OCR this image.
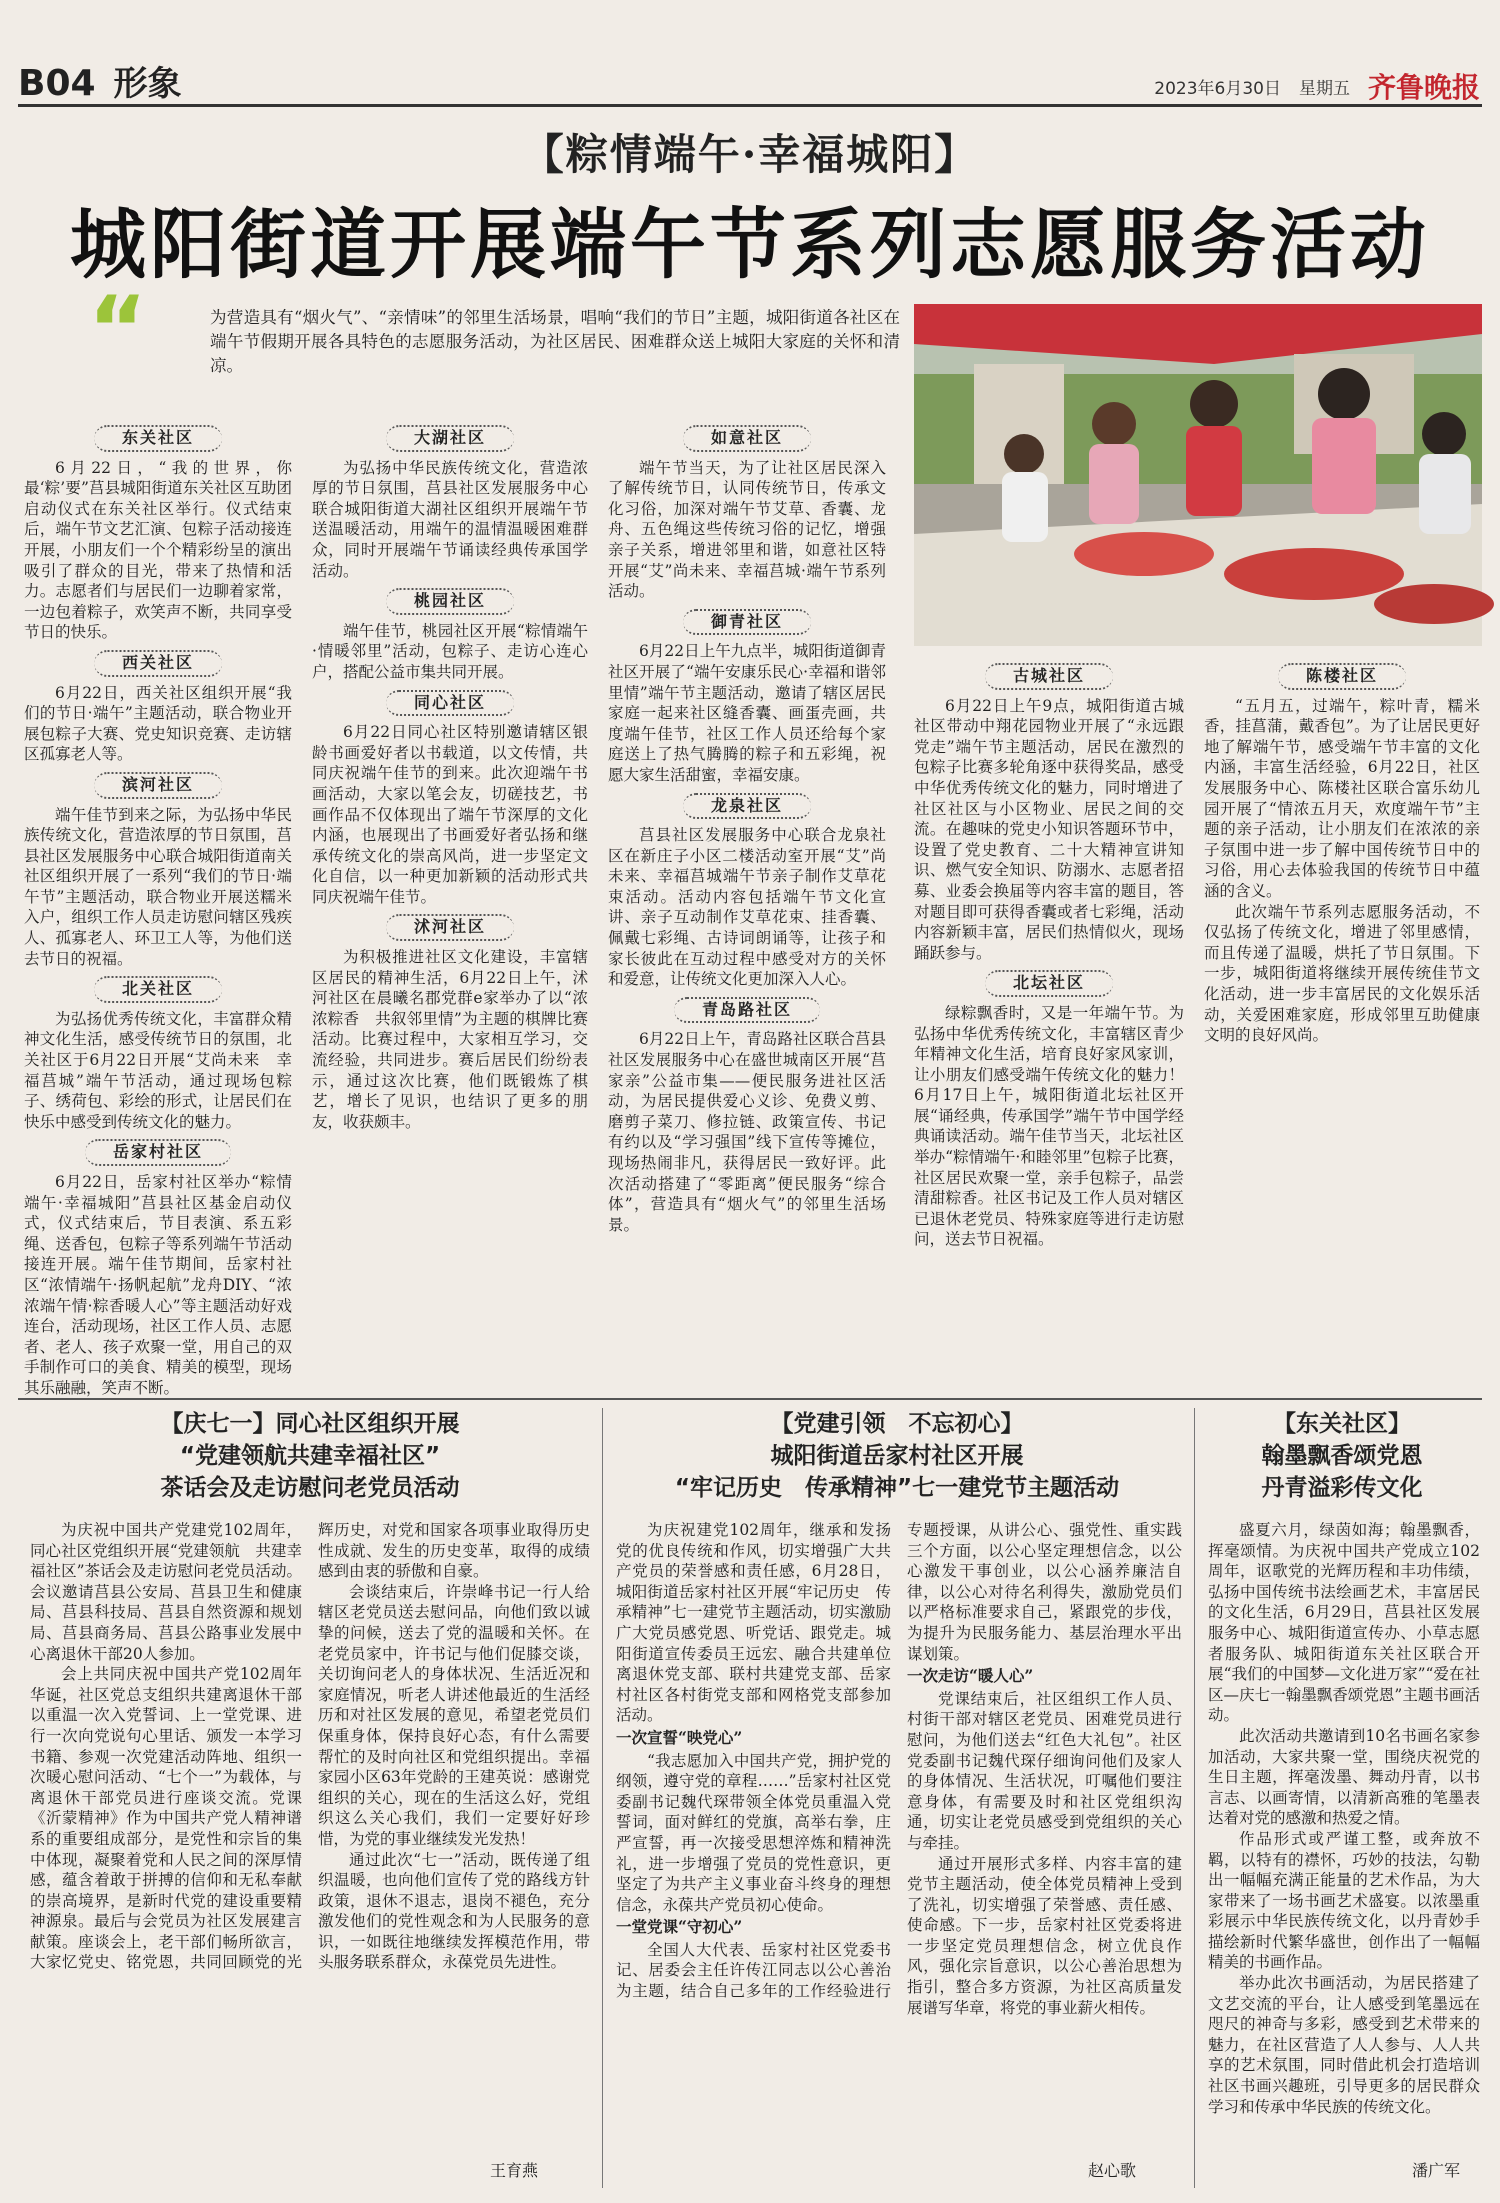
B04 形象	2023年6月30日 星期五 齐鲁晚报
【粽情端午·幸福城阳】
城阳街道开展端午节系列志愿服务活动
“	为营造具有“烟火气”、“亲情味”的邻里生活场景，唱响“我们的节日”主题，城阳街道各社区在端午节假期开展各具特色的志愿服务活动，为社区居民、困难群众送上城阳大家庭的关怀和清凉。
东关社区

6月22日，“我的世界，你最‘粽’要”莒县城阳街道东关社区互助团启动仪式在东关社区举行。仪式结束后，端午节文艺汇演、包粽子活动接连开展，小朋友们一个个精彩纷呈的演出吸引了群众的目光，带来了热情和活力。志愿者们与居民们一边聊着家常，一边包着粽子，欢笑声不断，共同享受节日的快乐。

西关社区

6月22日，西关社区组织开展“我们的节日·端午”主题活动，联合物业开展包粽子大赛、党史知识竞赛、走访辖区孤寡老人等。

滨河社区

端午佳节到来之际，为弘扬中华民族传统文化，营造浓厚的节日氛围，莒县社区发展服务中心联合城阳街道南关社区组织开展了一系列“我们的节日·端午节”主题活动，联合物业开展送糯米入户，组织工作人员走访慰问辖区残疾人、孤寡老人、环卫工人等，为他们送去节日的祝福。

北关社区

为弘扬优秀传统文化，丰富群众精神文化生活，感受传统节日的氛围，北关社区于6月22日开展“艾尚未来　幸福莒城”端午节活动，通过现场包粽子、绣荷包、彩绘的形式，让居民们在快乐中感受到传统文化的魅力。

岳家村社区

6月22日，岳家村社区举办“粽情端午·幸福城阳”莒县社区基金启动仪式，仪式结束后，节目表演、系五彩绳、送香包，包粽子等系列端午节活动接连开展。端午佳节期间，岳家村社区“浓情端午·扬帆起航”龙舟DIY、“浓浓端午情·粽香暖人心”等主题活动好戏连台，活动现场，社区工作人员、志愿者、老人、孩子欢聚一堂，用自己的双手制作可口的美食、精美的模型，现场其乐融融，笑声不断。

大湖社区

为弘扬中华民族传统文化，营造浓厚的节日氛围，莒县社区发展服务中心联合城阳街道大湖社区组织开展端午节送温暖活动，用端午的温情温暖困难群众，同时开展端午节诵读经典传承国学活动。

桃园社区

端午佳节，桃园社区开展“粽情端午·情暖邻里”活动，包粽子、走访心连心户，搭配公益市集共同开展。

同心社区

6月22日同心社区特别邀请辖区银龄书画爱好者以书载道，以文传情，共同庆祝端午佳节的到来。此次迎端午书画活动，大家以笔会友，切磋技艺，书画作品不仅体现出了端午节深厚的文化内涵，也展现出了书画爱好者弘扬和继承传统文化的崇高风尚，进一步坚定文化自信，以一种更加新颖的活动形式共同庆祝端午佳节。

沭河社区

为积极推进社区文化建设，丰富辖区居民的精神生活，6月22日上午，沭河社区在晨曦名郡党群e家举办了以“浓浓粽香　共叙邻里情”为主题的棋牌比赛活动。比赛过程中，大家相互学习，交流经验，共同进步。赛后居民们纷纷表示，通过这次比赛，他们既锻炼了棋艺，增长了见识，也结识了更多的朋友，收获颇丰。

如意社区

端午节当天，为了让社区居民深入了解传统节日，认同传统节日，传承文化习俗，加深对端午节艾草、香囊、龙舟、五色绳这些传统习俗的记忆，增强亲子关系，增进邻里和谐，如意社区特开展“艾”尚未来、幸福莒城·端午节系列活动。

御青社区

6月22日上午九点半，城阳街道御青社区开展了“端午安康乐民心·幸福和谐邻里情”端午节主题活动，邀请了辖区居民家庭一起来社区缝香囊、画蛋壳画，共度端午佳节，社区工作人员还给每个家庭送上了热气腾腾的粽子和五彩绳，祝愿大家生活甜蜜，幸福安康。

龙泉社区

莒县社区发展服务中心联合龙泉社区在新庄子小区二楼活动室开展“艾”尚未来、幸福莒城端午节亲子制作艾草花束活动。活动内容包括端午节文化宣讲、亲子互动制作艾草花束、挂香囊、佩戴七彩绳、古诗词朗诵等，让孩子和家长彼此在互动过程中感受对方的关怀和爱意，让传统文化更加深入人心。

青岛路社区

6月22日上午，青岛路社区联合莒县社区发展服务中心在盛世城南区开展“莒家亲”公益市集——便民服务进社区活动，为居民提供爱心义诊、免费义剪、磨剪子菜刀、修拉链、政策宣传、书记有约以及“学习强国”线下宣传等摊位，现场热闹非凡，获得居民一致好评。此次活动搭建了“零距离”便民服务“综合体”，营造具有“烟火气”的邻里生活场景。

古城社区

6月22日上午9点，城阳街道古城社区带动中翔花园物业开展了“永远跟党走”端午节主题活动，居民在激烈的包粽子比赛多轮角逐中获得奖品，感受中华优秀传统文化的魅力，同时增进了社区社区与小区物业、居民之间的交流。在趣味的党史小知识答题环节中，设置了党史教育、二十大精神宣讲知识、燃气安全知识、防溺水、志愿者招募、业委会换届等内容丰富的题目，答对题目即可获得香囊或者七彩绳，活动内容新颖丰富，居民们热情似火，现场踊跃参与。

北坛社区

绿粽飘香时，又是一年端午节。为弘扬中华优秀传统文化，丰富辖区青少年精神文化生活，培育良好家风家训，让小朋友们感受端午传统文化的魅力！6月17日上午，城阳街道北坛社区开展“诵经典，传承国学”端午节中国学经典诵读活动。端午佳节当天，北坛社区举办“粽情端午·和睦邻里”包粽子比赛，社区居民欢聚一堂，亲手包粽子，品尝清甜粽香。社区书记及工作人员对辖区已退休老党员、特殊家庭等进行走访慰问，送去节日祝福。

陈楼社区

“五月五，过端午，粽叶青，糯米香，挂菖蒲，戴香包”。为了让居民更好地了解端午节，感受端午节丰富的文化内涵，丰富生活经验，6月22日，社区发展服务中心、陈楼社区联合富乐幼儿园开展了“情浓五月天，欢度端午节”主题的亲子活动，让小朋友们在浓浓的亲子氛围中进一步了解中国传统节日中的习俗，用心去体验我国的传统节日中蕴涵的含义。

此次端午节系列志愿服务活动，不仅弘扬了传统文化，增进了邻里感情，而且传递了温暖，烘托了节日氛围。下一步，城阳街道将继续开展传统佳节文化活动，进一步丰富居民的文化娱乐活动，关爱困难家庭，形成邻里互助健康文明的良好风尚。

【庆七一】同心社区组织开展
“党建领航共建幸福社区”
茶话会及走访慰问老党员活动

为庆祝中国共产党建党102周年，同心社区党组织开展“党建领航　共建幸福社区”茶话会及走访慰问老党员活动。会议邀请莒县公安局、莒县卫生和健康局、莒县科技局、莒县自然资源和规划局、莒县商务局、莒县公路事业发展中心离退休干部20人参加。

会上共同庆祝中国共产党102周年华诞，社区党总支组织共建离退休干部以重温一次入党誓词、上一堂党课、进行一次向党说句心里话、颁发一本学习书籍、参观一次党建活动阵地、组织一次暖心慰问活动、“七个一”为载体，与离退休干部党员进行座谈交流。党课《沂蒙精神》作为中国共产党人精神谱系的重要组成部分，是党性和宗旨的集中体现，凝聚着党和人民之间的深厚情感，蕴含着敢于拼搏的信仰和无私奉献的崇高境界，是新时代党的建设重要精神源泉。最后与会党员为社区发展建言献策。座谈会上，老干部们畅所欲言，大家忆党史、铭党恩，共同回顾党的光辉历史，对党和国家各项事业取得历史性成就、发生的历史变革，取得的成绩感到由衷的骄傲和自豪。

会谈结束后，许崇峰书记一行人给辖区老党员送去慰问品，向他们致以诚挚的问候，送去了党的温暖和关怀。在老党员家中，许书记与他们促膝交谈，关切询问老人的身体状况、生活近况和家庭情况，听老人讲述他最近的生活经历和对社区发展的意见，希望老党员们保重身体，保持良好心态，有什么需要帮忙的及时向社区和党组织提出。幸福家园小区63年党龄的王建英说：感谢党组织的关心，现在的生活这么好，党组织这么关心我们，我们一定要好好珍惜，为党的事业继续发光发热！

通过此次“七一”活动，既传递了组织温暖，也向他们宣传了党的路线方针政策，退休不退志，退岗不褪色，充分激发他们的党性观念和为人民服务的意识，一如既往地继续发挥模范作用，带头服务联系群众，永葆党员先进性。

王育燕
【党建引领　不忘初心】
城阳街道岳家村社区开展
“牢记历史　传承精神”七一建党节主题活动

为庆祝建党102周年，继承和发扬党的优良传统和作风，切实增强广大共产党员的荣誉感和责任感，6月28日，城阳街道岳家村社区开展“牢记历史　传承精神”七一建党节主题活动，切实激励广大党员感党恩、听党话、跟党走。城阳街道宣传委员王远宏、融合共建单位离退休党支部、联村共建党支部、岳家村社区各村街党支部和网格党支部参加活动。

一次宣誓“映党心”

“我志愿加入中国共产党，拥护党的纲领，遵守党的章程……”岳家村社区党委副书记魏代琛带领全体党员重温入党誓词，面对鲜红的党旗，高举右拳，庄严宣誓，再一次接受思想淬炼和精神洗礼，进一步增强了党员的党性意识，更坚定了为共产主义事业奋斗终身的理想信念，永葆共产党员初心使命。

一堂党课“守初心”

全国人大代表、岳家村社区党委书记、居委会主任许传江同志以公心善治为主题，结合自己多年的工作经验进行专题授课，从讲公心、强党性、重实践三个方面，以公心坚定理想信念，以公心激发干事创业，以公心涵养廉洁自律，以公心对待名利得失，激励党员们以严格标准要求自己，紧跟党的步伐，为提升为民服务能力、基层治理水平出谋划策。

一次走访“暖人心”

党课结束后，社区组织工作人员、村街干部对辖区老党员、困难党员进行慰问，为他们送去“红色大礼包”。社区党委副书记魏代琛仔细询问他们及家人的身体情况、生活状况，叮嘱他们要注意身体，有需要及时和社区党组织沟通，切实让老党员感受到党组织的关心与牵挂。

通过开展形式多样、内容丰富的建党节主题活动，使全体党员精神上受到了洗礼，切实增强了荣誉感、责任感、使命感。下一步，岳家村社区党委将进一步坚定党员理想信念，树立优良作风，强化宗旨意识，以公心善治思想为指引，整合多方资源，为社区高质量发展谱写华章，将党的事业薪火相传。

赵心歌
【东关社区】
翰墨飘香颂党恩
丹青溢彩传文化

盛夏六月，绿茵如海；翰墨飘香，挥毫颂情。为庆祝中国共产党成立102周年，讴歌党的光辉历程和丰功伟绩，弘扬中国传统书法绘画艺术，丰富居民的文化生活，6月29日，莒县社区发展服务中心、城阳街道宣传办、小草志愿者服务队、城阳街道东关社区联合开展“我们的中国梦—文化进万家”“爱在社区—庆七一翰墨飘香颂党恩”主题书画活动。

此次活动共邀请到10名书画名家参加活动，大家共聚一堂，围绕庆祝党的生日主题，挥毫泼墨、舞动丹青，以书言志、以画寄情，以清新高雅的笔墨表达着对党的感激和热爱之情。

作品形式或严谨工整，或奔放不羁，以特有的襟怀，巧妙的技法，勾勒出一幅幅充满正能量的艺术作品，为大家带来了一场书画艺术盛宴。以浓墨重彩展示中华民族传统文化，以丹青妙手描绘新时代繁华盛世，创作出了一幅幅精美的书画作品。

举办此次书画活动，为居民搭建了文艺交流的平台，让人感受到笔墨远在咫尺的神奇与多彩，感受到艺术带来的魅力，在社区营造了人人参与、人人共享的艺术氛围，同时借此机会打造培训社区书画兴趣班，引导更多的居民群众学习和传承中华民族的传统文化。

潘广军
